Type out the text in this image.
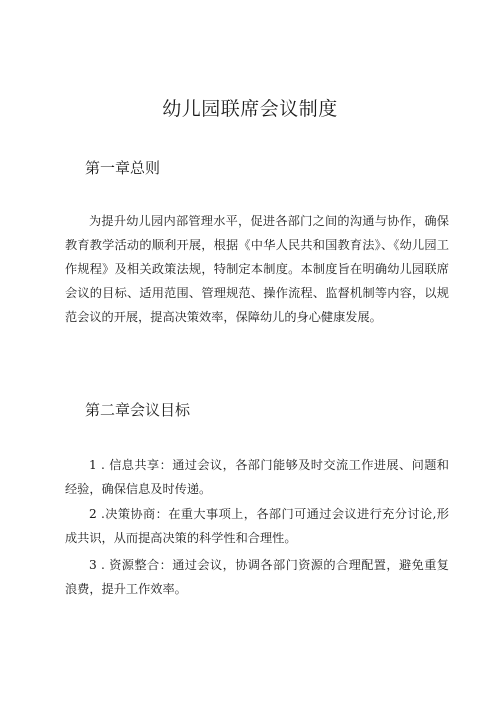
幼儿园联席会议制度
第一章总则

为提升幼儿园内部管理水平，促进各部门之间的沟通与协作，确保教育教学活动的顺利开展，根据《中华人民共和国教育法》、《幼儿园工作规程》及相关政策法规，特制定本制度。本制度旨在明确幼儿园联席会议的目标、适用范围、管理规范、操作流程、监督机制等内容，以规范会议的开展，提高决策效率，保障幼儿的身心健康发展。

第二章会议目标

1 . 信息共享：通过会议，各部门能够及时交流工作进展、问题和经验，确保信息及时传递。

2 .决策协商：在重大事项上，各部门可通过会议进行充分讨论,形成共识，从而提高决策的科学性和合理性。

3 . 资源整合：通过会议，协调各部门资源的合理配置，避免重复浪费，提升工作效率。
